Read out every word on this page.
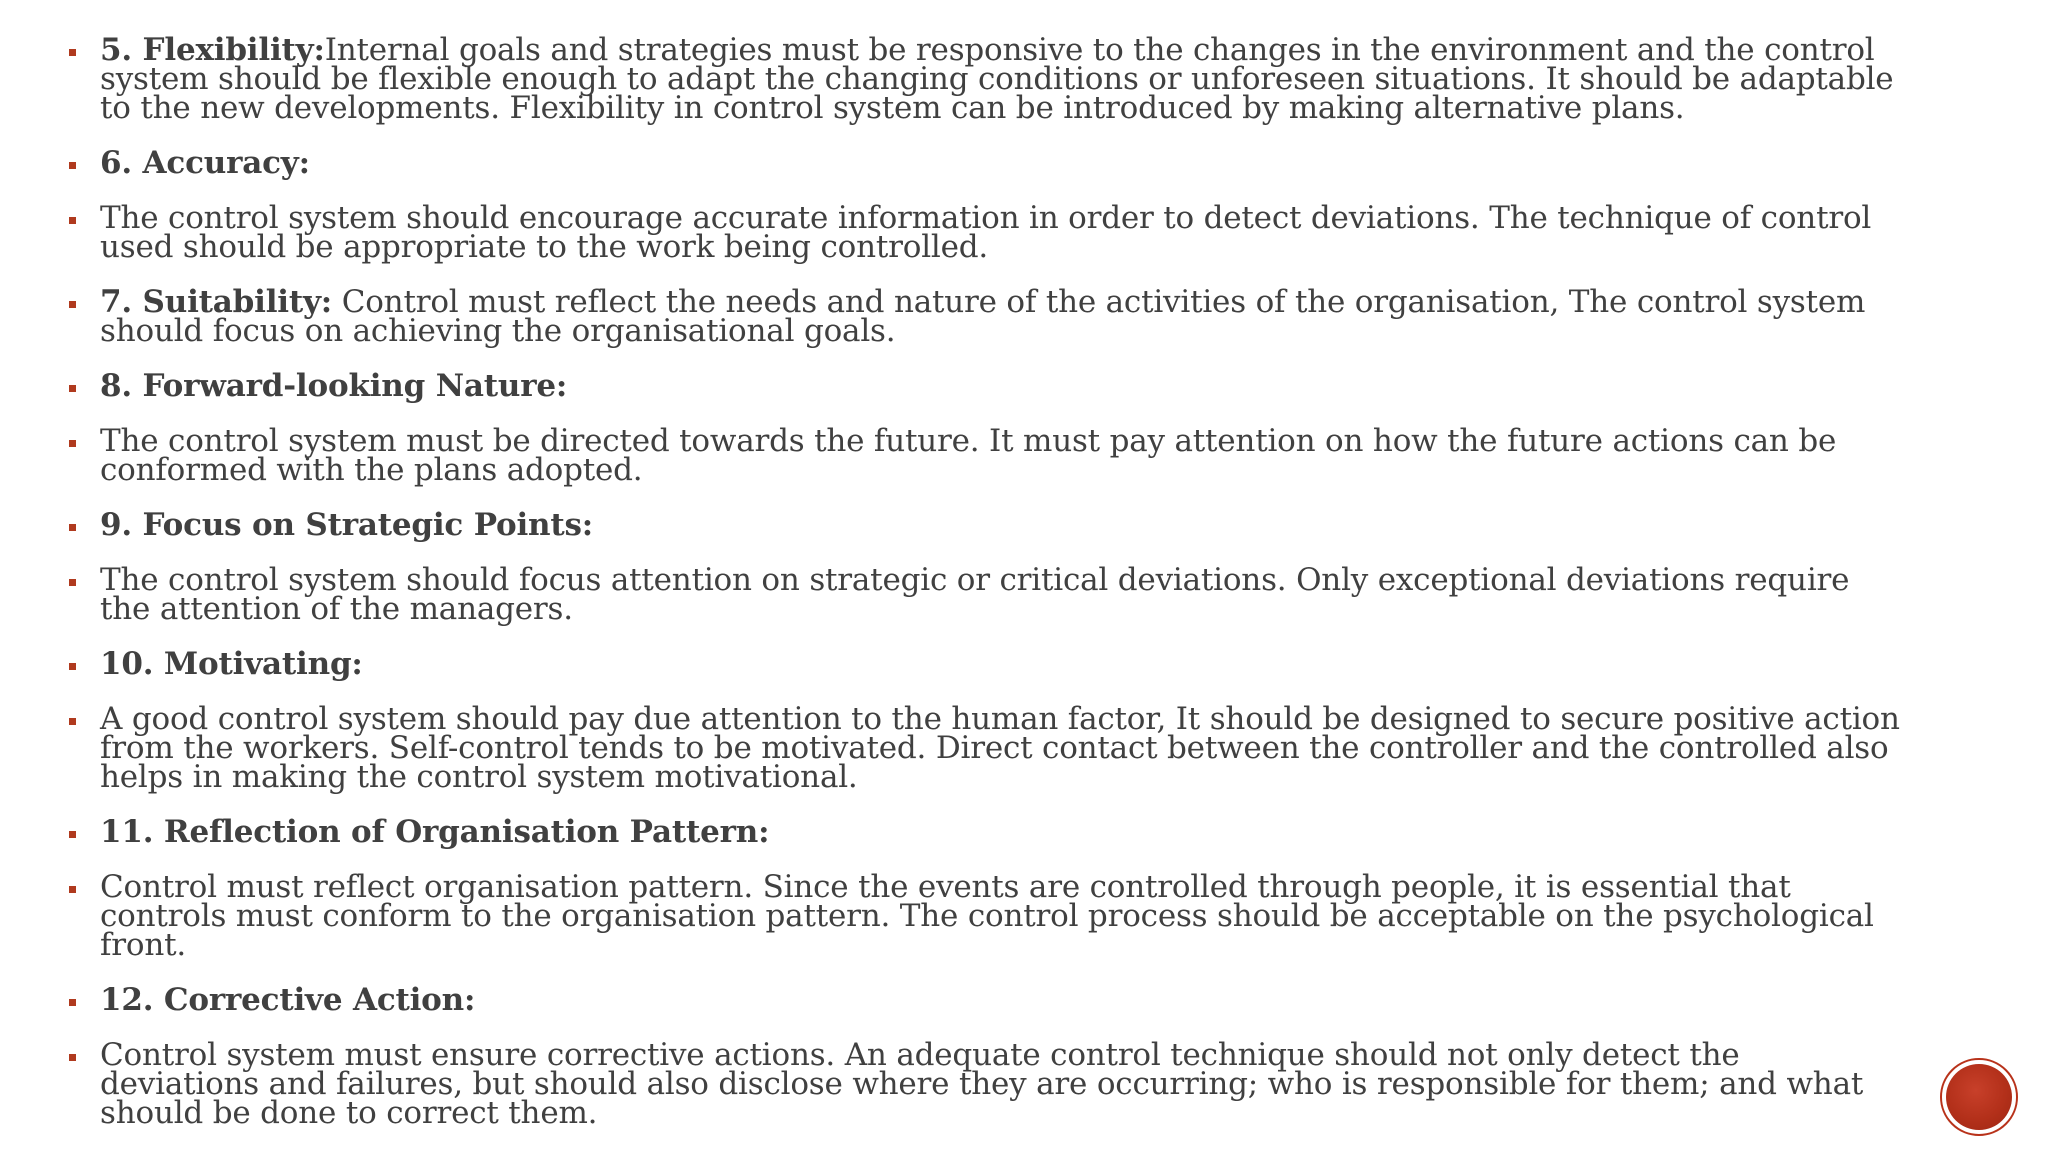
5. Flexibility:Internal goals and strategies must be responsive to the changes in the environment and the control system should be flexible enough to adapt the changing conditions or unforeseen situations. It should be adaptable to the new developments. Flexibility in control system can be introduced by making alternative plans.
6. Accuracy:
The control system should encourage accurate information in order to detect deviations. The technique of control used should be appropriate to the work being controlled.
7. Suitability: Control must reflect the needs and nature of the activities of the organisation, The control system should focus on achieving the organisational goals.
8. Forward-looking Nature:
The control system must be directed towards the future. It must pay attention on how the future actions can be conformed with the plans adopted.
9. Focus on Strategic Points:
The control system should focus attention on strategic or critical deviations. Only exceptional deviations require the attention of the managers.
10. Motivating:
A good control system should pay due attention to the human factor, It should be designed to secure positive action from the workers. Self-control tends to be motivated. Direct contact between the controller and the controlled also helps in making the control system motivational.
11. Reflection of Organisation Pattern:
Control must reflect organisation pattern. Since the events are controlled through people, it is essential that controls must conform to the organisation pattern. The control process should be acceptable on the psychological front.
12. Corrective Action:
Control system must ensure corrective actions. An adequate control technique should not only detect the deviations and failures, but should also disclose where they are occurring; who is responsible for them; and what should be done to correct them.
